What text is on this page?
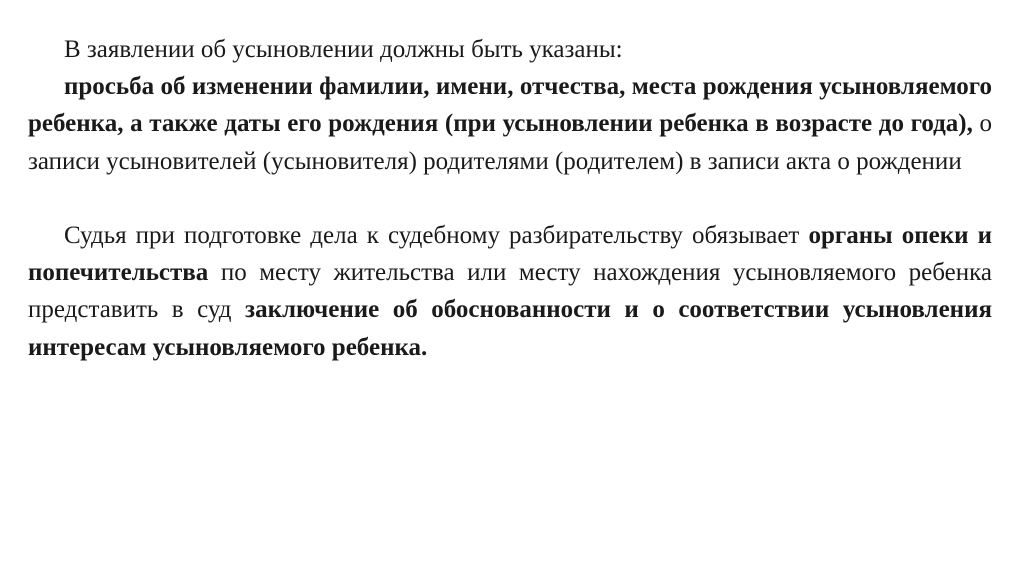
В заявлении об усыновлении должны быть указаны:

просьба об изменении фамилии, имени, отчества, места рождения усыновляемого ребенка, а также даты его рождения (при усыновлении ребенка в возрасте до года), о записи усыновителей (усыновителя) родителями (родителем) в записи акта о рождении

Судья при подготовке дела к судебному разбирательству обязывает органы опеки и попечительства по месту жительства или месту нахождения усыновляемого ребенка представить в суд заключение об обоснованности и о соответствии усыновления интересам усыновляемого ребенка.
